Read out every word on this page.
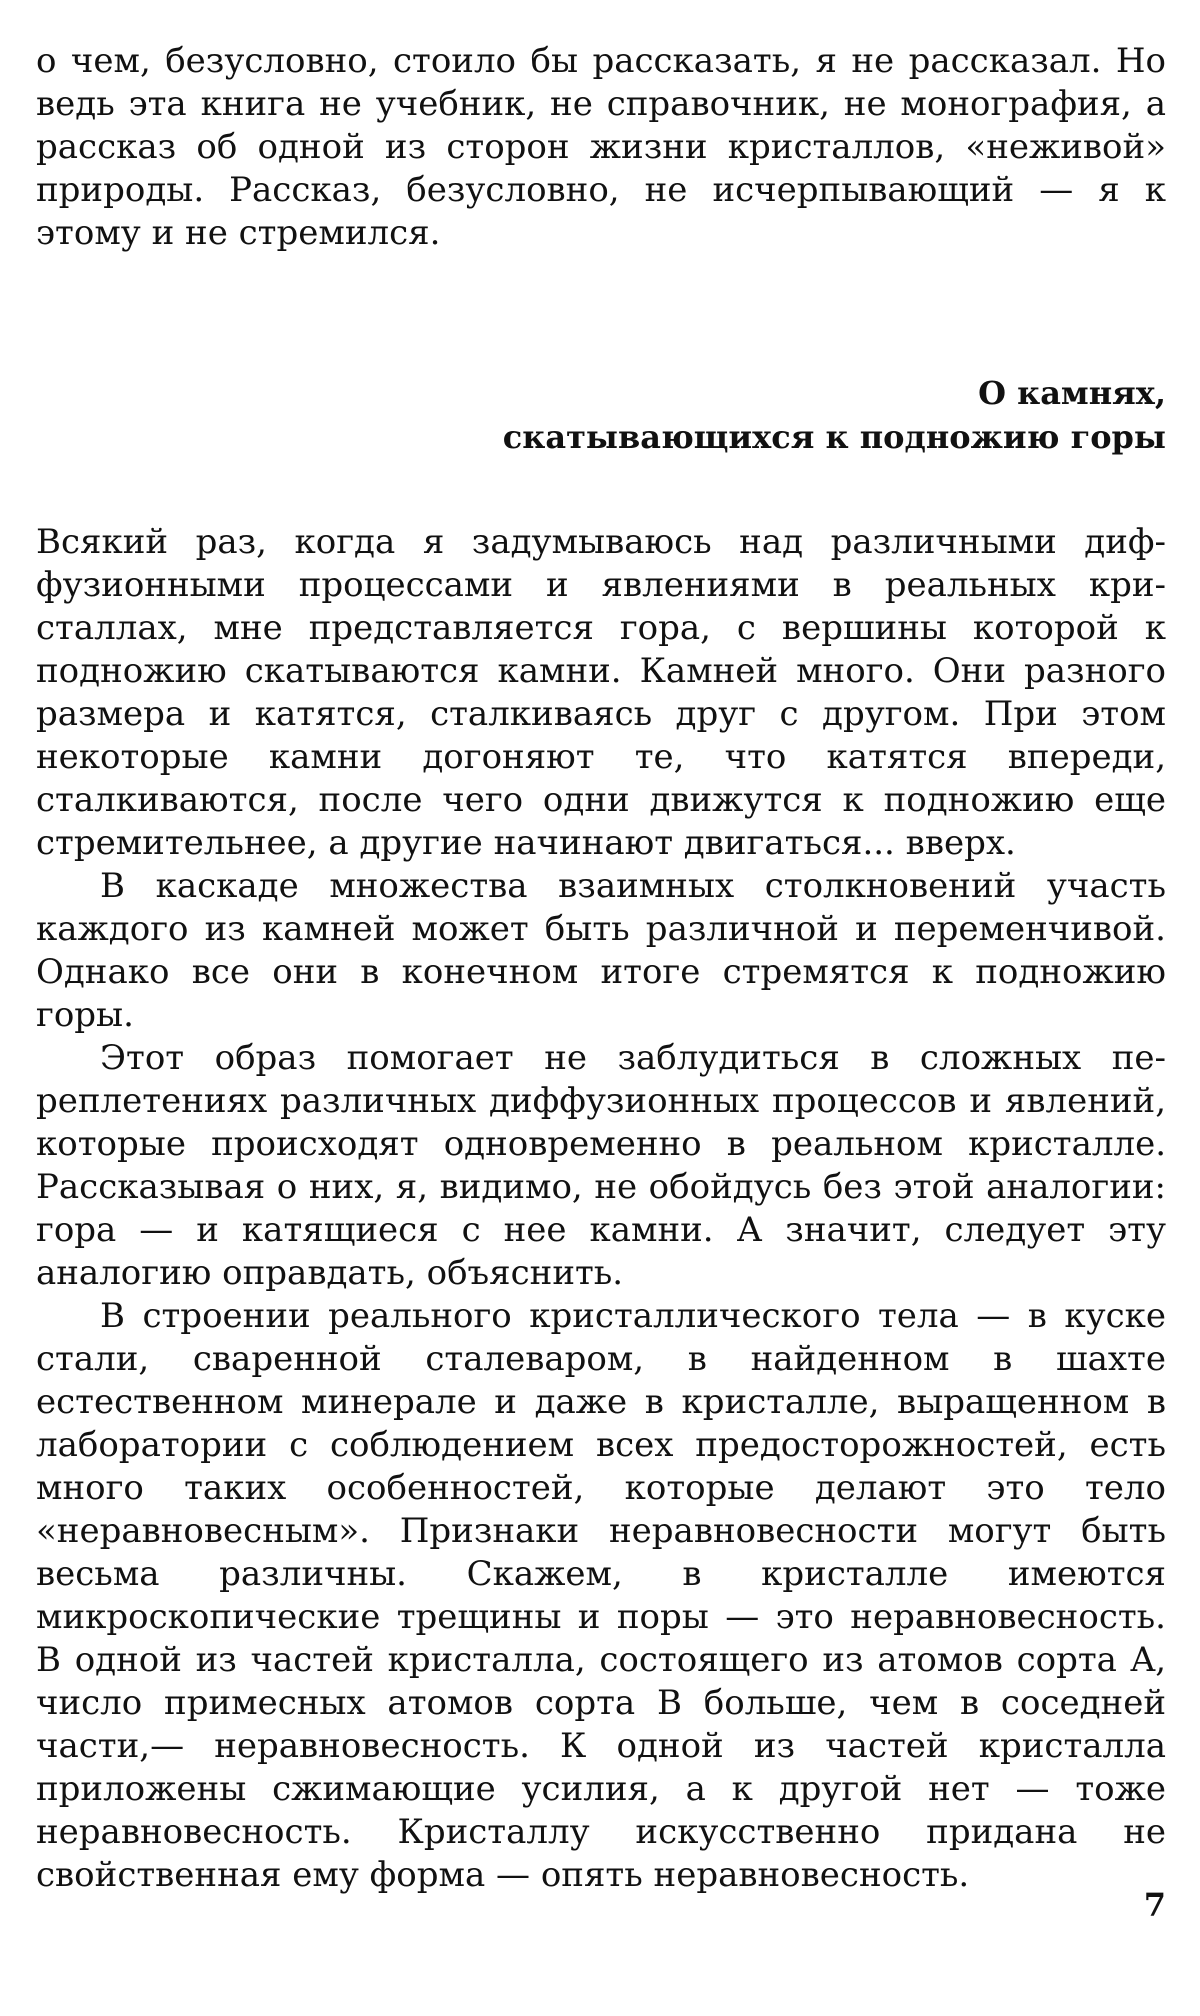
о чем, безусловно, стоило бы рассказать, я не рассказал. Но ведь эта книга не учебник, не справочник, не монография, а рассказ об одной из сторон жизни кристаллов, «неживой» природы. Рассказ, безусловно, не исчерпывающий — я к этому и не стремился.

О камнях,
скатывающихся к подножию горы

Всякий раз, когда я задумываюсь над различными диффузионными процессами и явлениями в реальных кристаллах, мне представляется гора, с вершины которой к подножию скатываются камни. Камней много. Они разного размера и катятся, сталкиваясь друг с другом. При этом некоторые камни догоняют те, что катятся впереди, сталкиваются, после чего одни движутся к подножию еще стремительнее, а другие начинают двигаться... вверх.

В каскаде множества взаимных столкновений участь каждого из камней может быть различной и переменчивой. Однако все они в конечном итоге стремятся к подножию горы.

Этот образ помогает не заблудиться в сложных переплетениях различных диффузионных процессов и явлений, которые происходят одновременно в реальном кристалле. Рассказывая о них, я, видимо, не обойдусь без этой аналогии: гора — и катящиеся с нее камни. А значит, следует эту аналогию оправдать, объяснить.

В строении реального кристаллического тела — в куске стали, сваренной сталеваром, в найденном в шахте естественном минерале и даже в кристалле, выращенном в лаборатории с соблюдением всех предосторожностей, есть много таких особенностей, которые делают это тело «неравновесным». Признаки неравновесности могут быть весьма различны. Скажем, в кристалле имеются микроскопические трещины и поры — это неравновесность. В одной из частей кристалла, состоящего из атомов сорта A, число примесных атомов сорта B больше, чем в соседней части,— неравновесность. К одной из частей кристалла приложены сжимающие усилия, а к другой нет — тоже неравновесность. Кристаллу искусственно придана не свойственная ему форма — опять неравновесность.

7
